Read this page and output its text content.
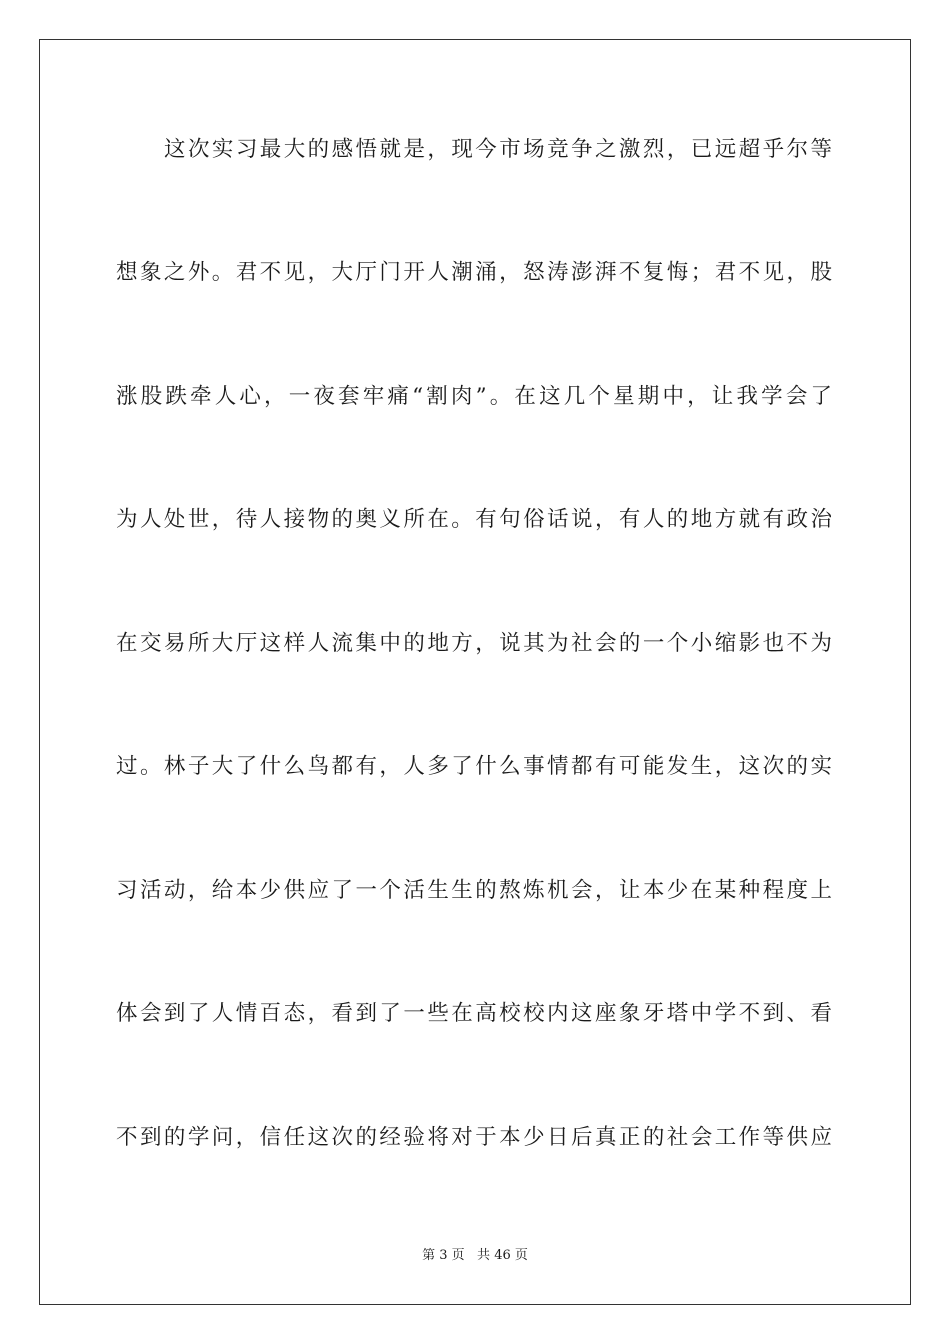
这次实习最大的感悟就是，现今市场竞争之激烈，已远超乎尔等
想象之外。君不见，大厅门开人潮涌，怒涛澎湃不复悔；君不见，股
涨股跌牵人心，一夜套牢痛“割肉”。在这几个星期中，让我学会了
为人处世，待人接物的奥义所在。有句俗话说，有人的地方就有政治
在交易所大厅这样人流集中的地方，说其为社会的一个小缩影也不为
过。林子大了什么鸟都有，人多了什么事情都有可能发生，这次的实
习活动，给本少供应了一个活生生的熬炼机会，让本少在某种程度上
体会到了人情百态，看到了一些在高校校内这座象牙塔中学不到、看
不到的学问，信任这次的经验将对于本少日后真正的社会工作等供应
第 3 页   共 46 页
